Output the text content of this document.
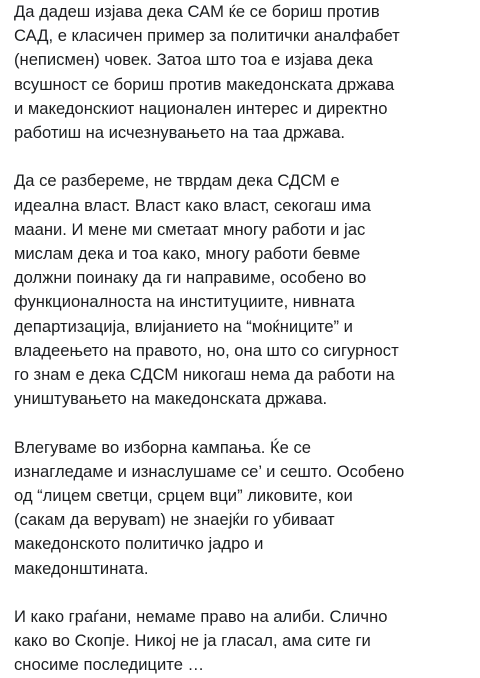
Да дадеш изјава дека САМ ќе се бориш против
САД, е класичен пример за политички аналфабет
(неписмен) човек. Затоа што тоа е изјава дека
всушност се бориш против македонската држава
и македонскиот национален интерес и директно
работиш на исчезнувањето на таа држава.

Да се разбереме, не тврдам дека СДСМ е
идеална власт. Власт како власт, секогаш има
маани. И мене ми сметаат многу работи и јас
мислам дека и тоа како, многу работи бевме
должни поинаку да ги направиме, особено во
функционалноста на институциите, нивната
департизација, влијанието на “моќниците” и
владеењето на правото, но, она што со сигурност
го знам е дека СДСМ никогаш нема да работи на
уништувањето на македонската држава.

Влегуваме во изборна кампања. Ќе се
изнагледаме и изнаслушаме се’ и сешто. Особено
од “лицем светци, срцем вци” ликовите, кои
(сакам да веруваm) не знаејќи го убиваат
македонското политичко јадро и
македонштината.

И како граѓани, немаме право на алиби. Слично
како во Скопје. Никој не ја гласал, ама сите ги
сносиме последиците …
